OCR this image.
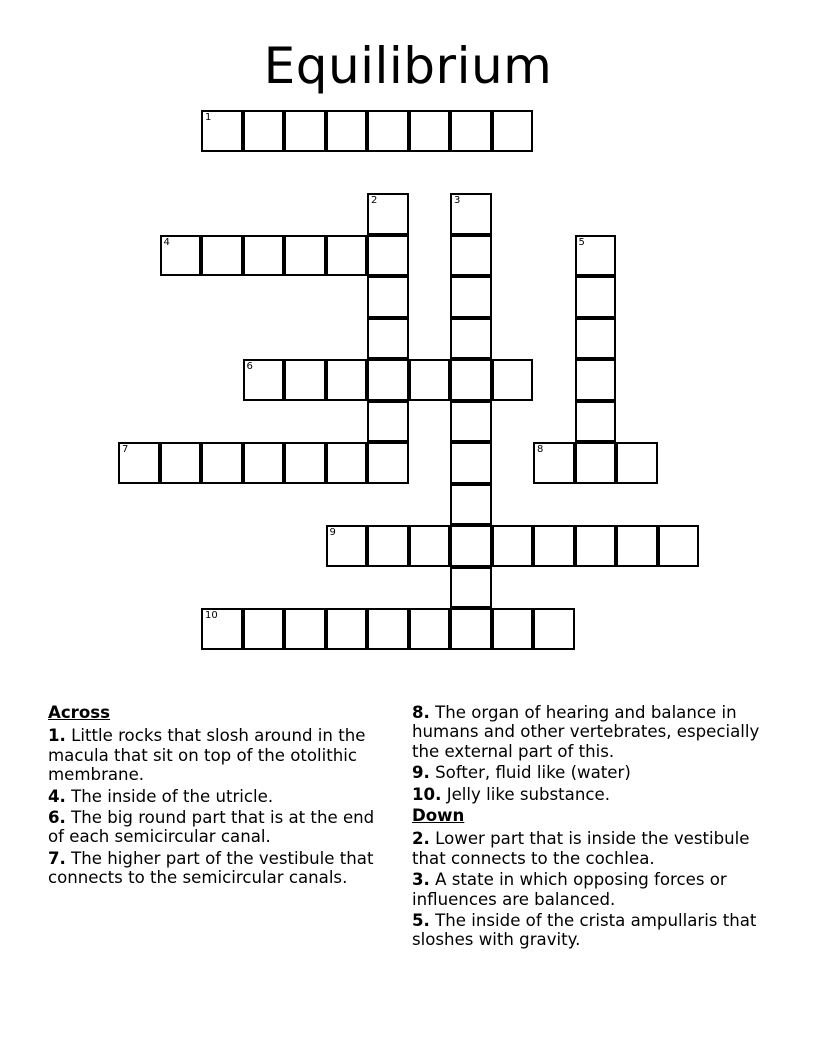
Equilibrium
1
2	3
4	5
6
7	8
9
10
Across
1. Little rocks that slosh around in the macula that sit on top of the otolithic membrane.
4. The inside of the utricle.
6. The big round part that is at the end of each semicircular canal.
7. The higher part of the vestibule that connects to the semicircular canals.
8. The organ of hearing and balance in humans and other vertebrates, especially the external part of this.
9. Softer, fluid like (water)
10. Jelly like substance.
Down
2. Lower part that is inside the vestibule that connects to the cochlea.
3. A state in which opposing forces or influences are balanced.
5. The inside of the crista ampullaris that sloshes with gravity.
